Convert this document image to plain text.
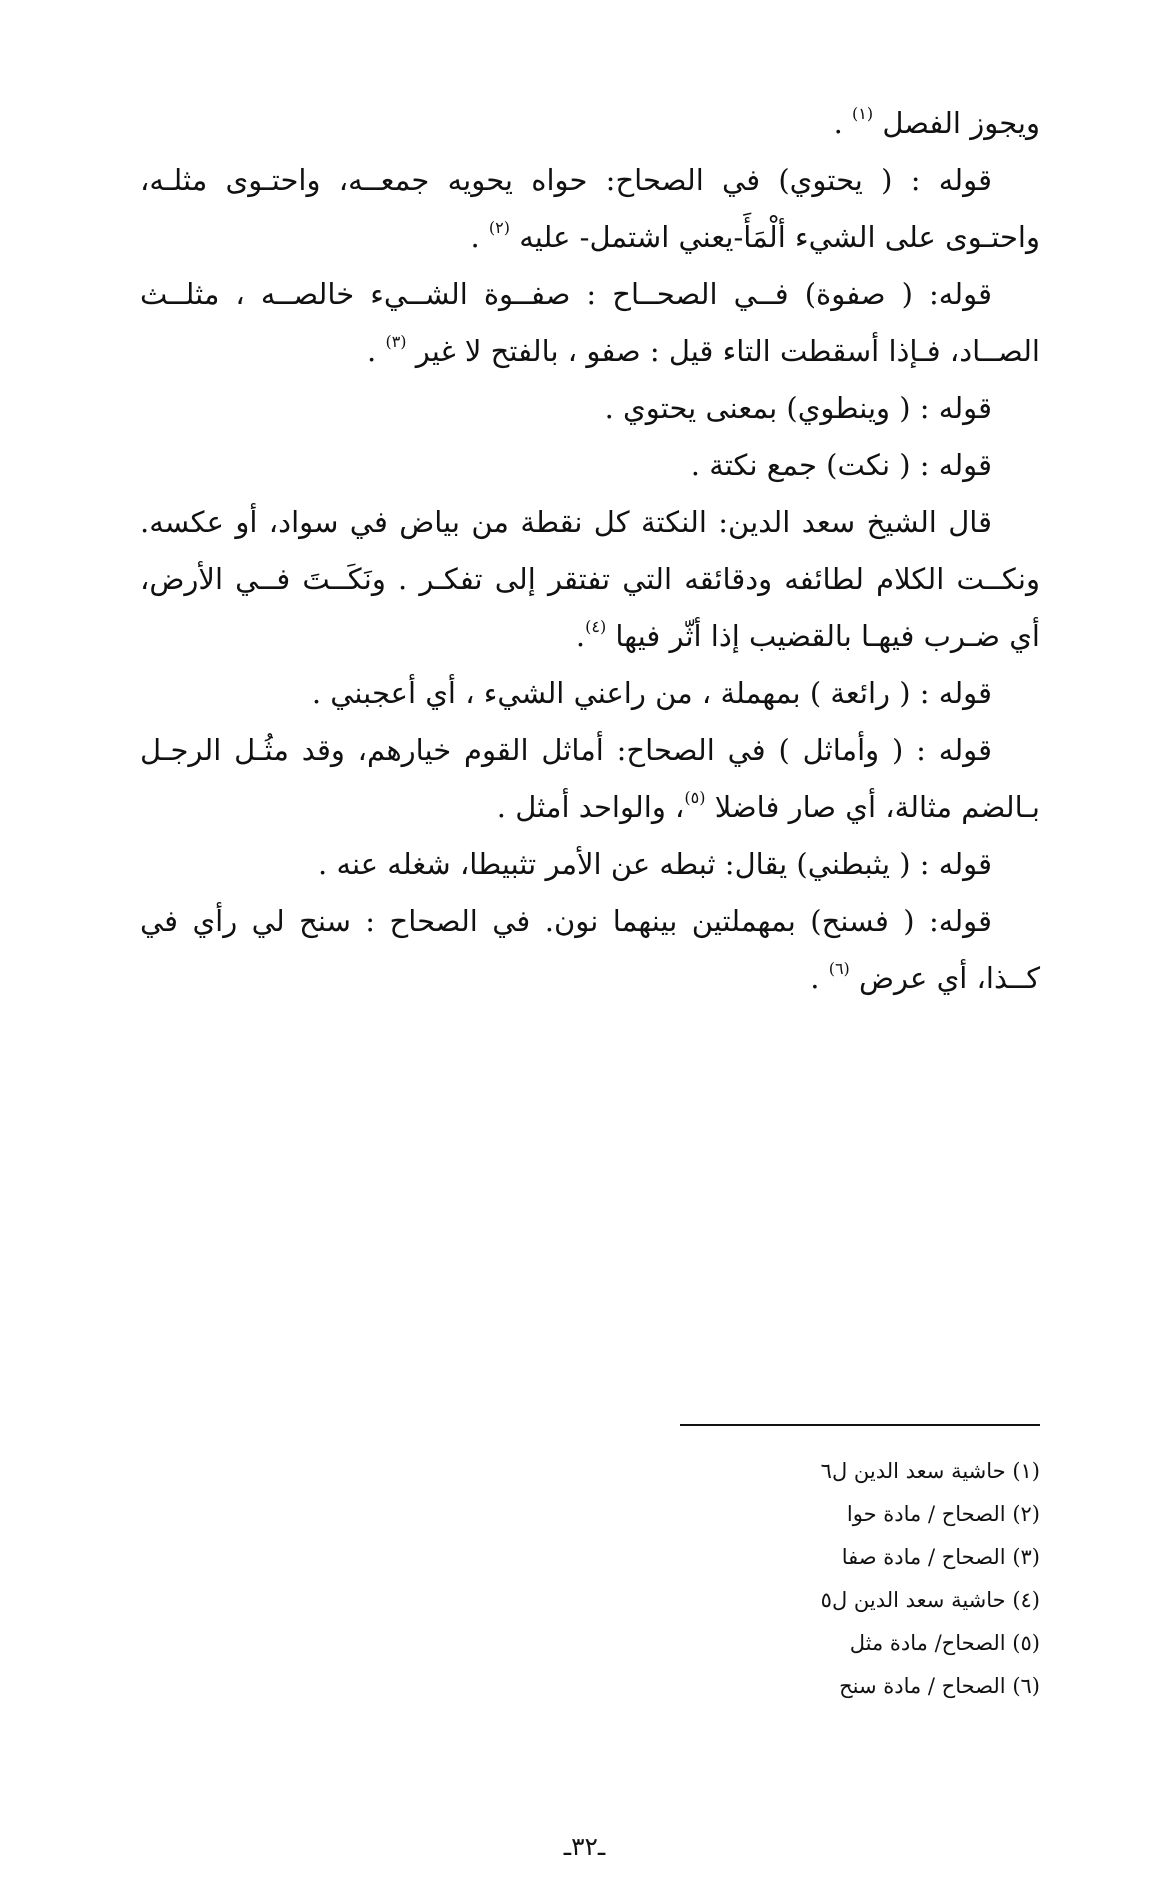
ويجوز الفصل $^{(١)}$ .

قوله : ( يحتوي) في الصحاح: حواه يحويه جمعــه، واحتـوى مثلـه، واحتـوى على الشيء ألْمَأَ-يعني اشتمل- عليه $^{(٢)}$ .

قوله: ( صفوة) فــي الصحــاح : صفــوة الشــيء خالصــه ، مثلــث الصــاد، فـإذا أسقطت التاء قيل : صفو ، بالفتح لا غير $^{(٣)}$ .

قوله : ( وينطوي) بمعنى يحتوي .

قوله : ( نكت) جمع نكتة .

قال الشيخ سعد الدين: النكتة كل نقطة من بياض في سواد، أو عكسه. ونكــت الكلام لطائفه ودقائقه التي تفتقر إلى تفكـر . ونَكَــتَ فــي الأرض، أي ضـرب فيهـا بالقضيب إذا أثّر فيها $^{(٤)}$.

قوله : ( رائعة ) بمهملة ، من راعني الشيء ، أي أعجبني .

قوله : ( وأماثل ) في الصحاح: أماثل القوم خيارهم، وقد مثُـل الرجـل بـالضم مثالة، أي صار فاضلا $^{(٥)}$، والواحد أمثل .

قوله : ( يثبطني) يقال: ثبطه عن الأمر تثبيطا، شغله عنه .

قوله: ( فسنح) بمهملتين بينهما نون. في الصحاح : سنح لي رأي في كــذا، أي عرض $^{(٦)}$ .

(١) حاشية سعد الدين ل٦

(٢) الصحاح / مادة حوا

(٣) الصحاح / مادة صفا

(٤) حاشية سعد الدين ل٥

(٥) الصحاح/ مادة مثل

(٦) الصحاح / مادة سنح

ـ٣٢ـ
